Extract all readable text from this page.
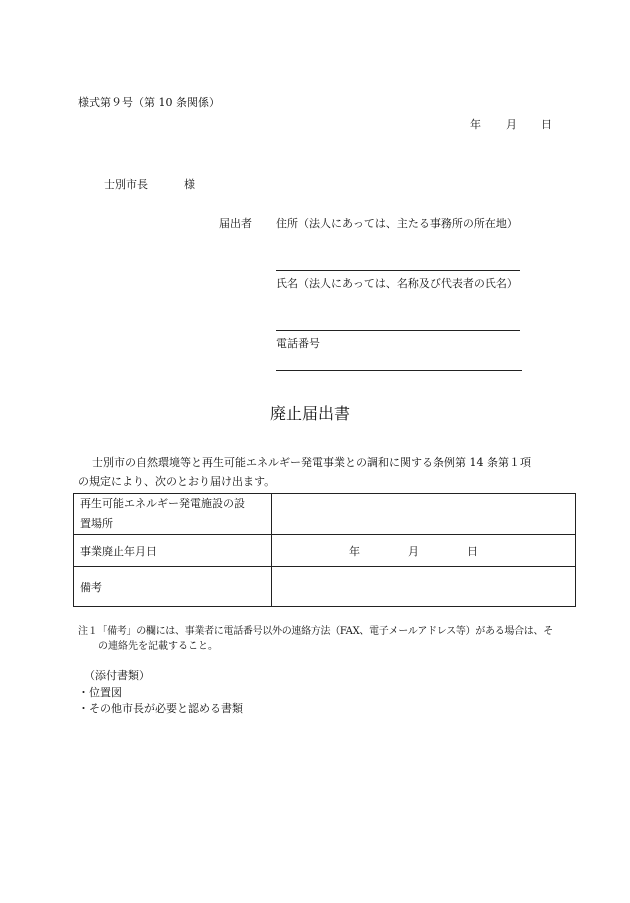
様式第９号（第 10 条関係）
年 月 日
士別市長	様
届出者 住所（法人にあっては、主たる事務所の所在地）
氏名（法人にあっては、名称及び代表者の氏名）
電話番号
廃止届出書
士別市の自然環境等と再生可能エネルギー発電事業との調和に関する条例第 14 条第１項
の規定により、次のとおり届け出ます。
再生可能エネルギー発電施設の設
置場所	

事業廃止年月日	年 月 日

備考	
注１「備考」の欄には、事業者に電話番号以外の連絡方法（FAX、電子メールアドレス等）がある場合は、そ
の連絡先を記載すること。
（添付書類）
・位置図
・その他市長が必要と認める書類
